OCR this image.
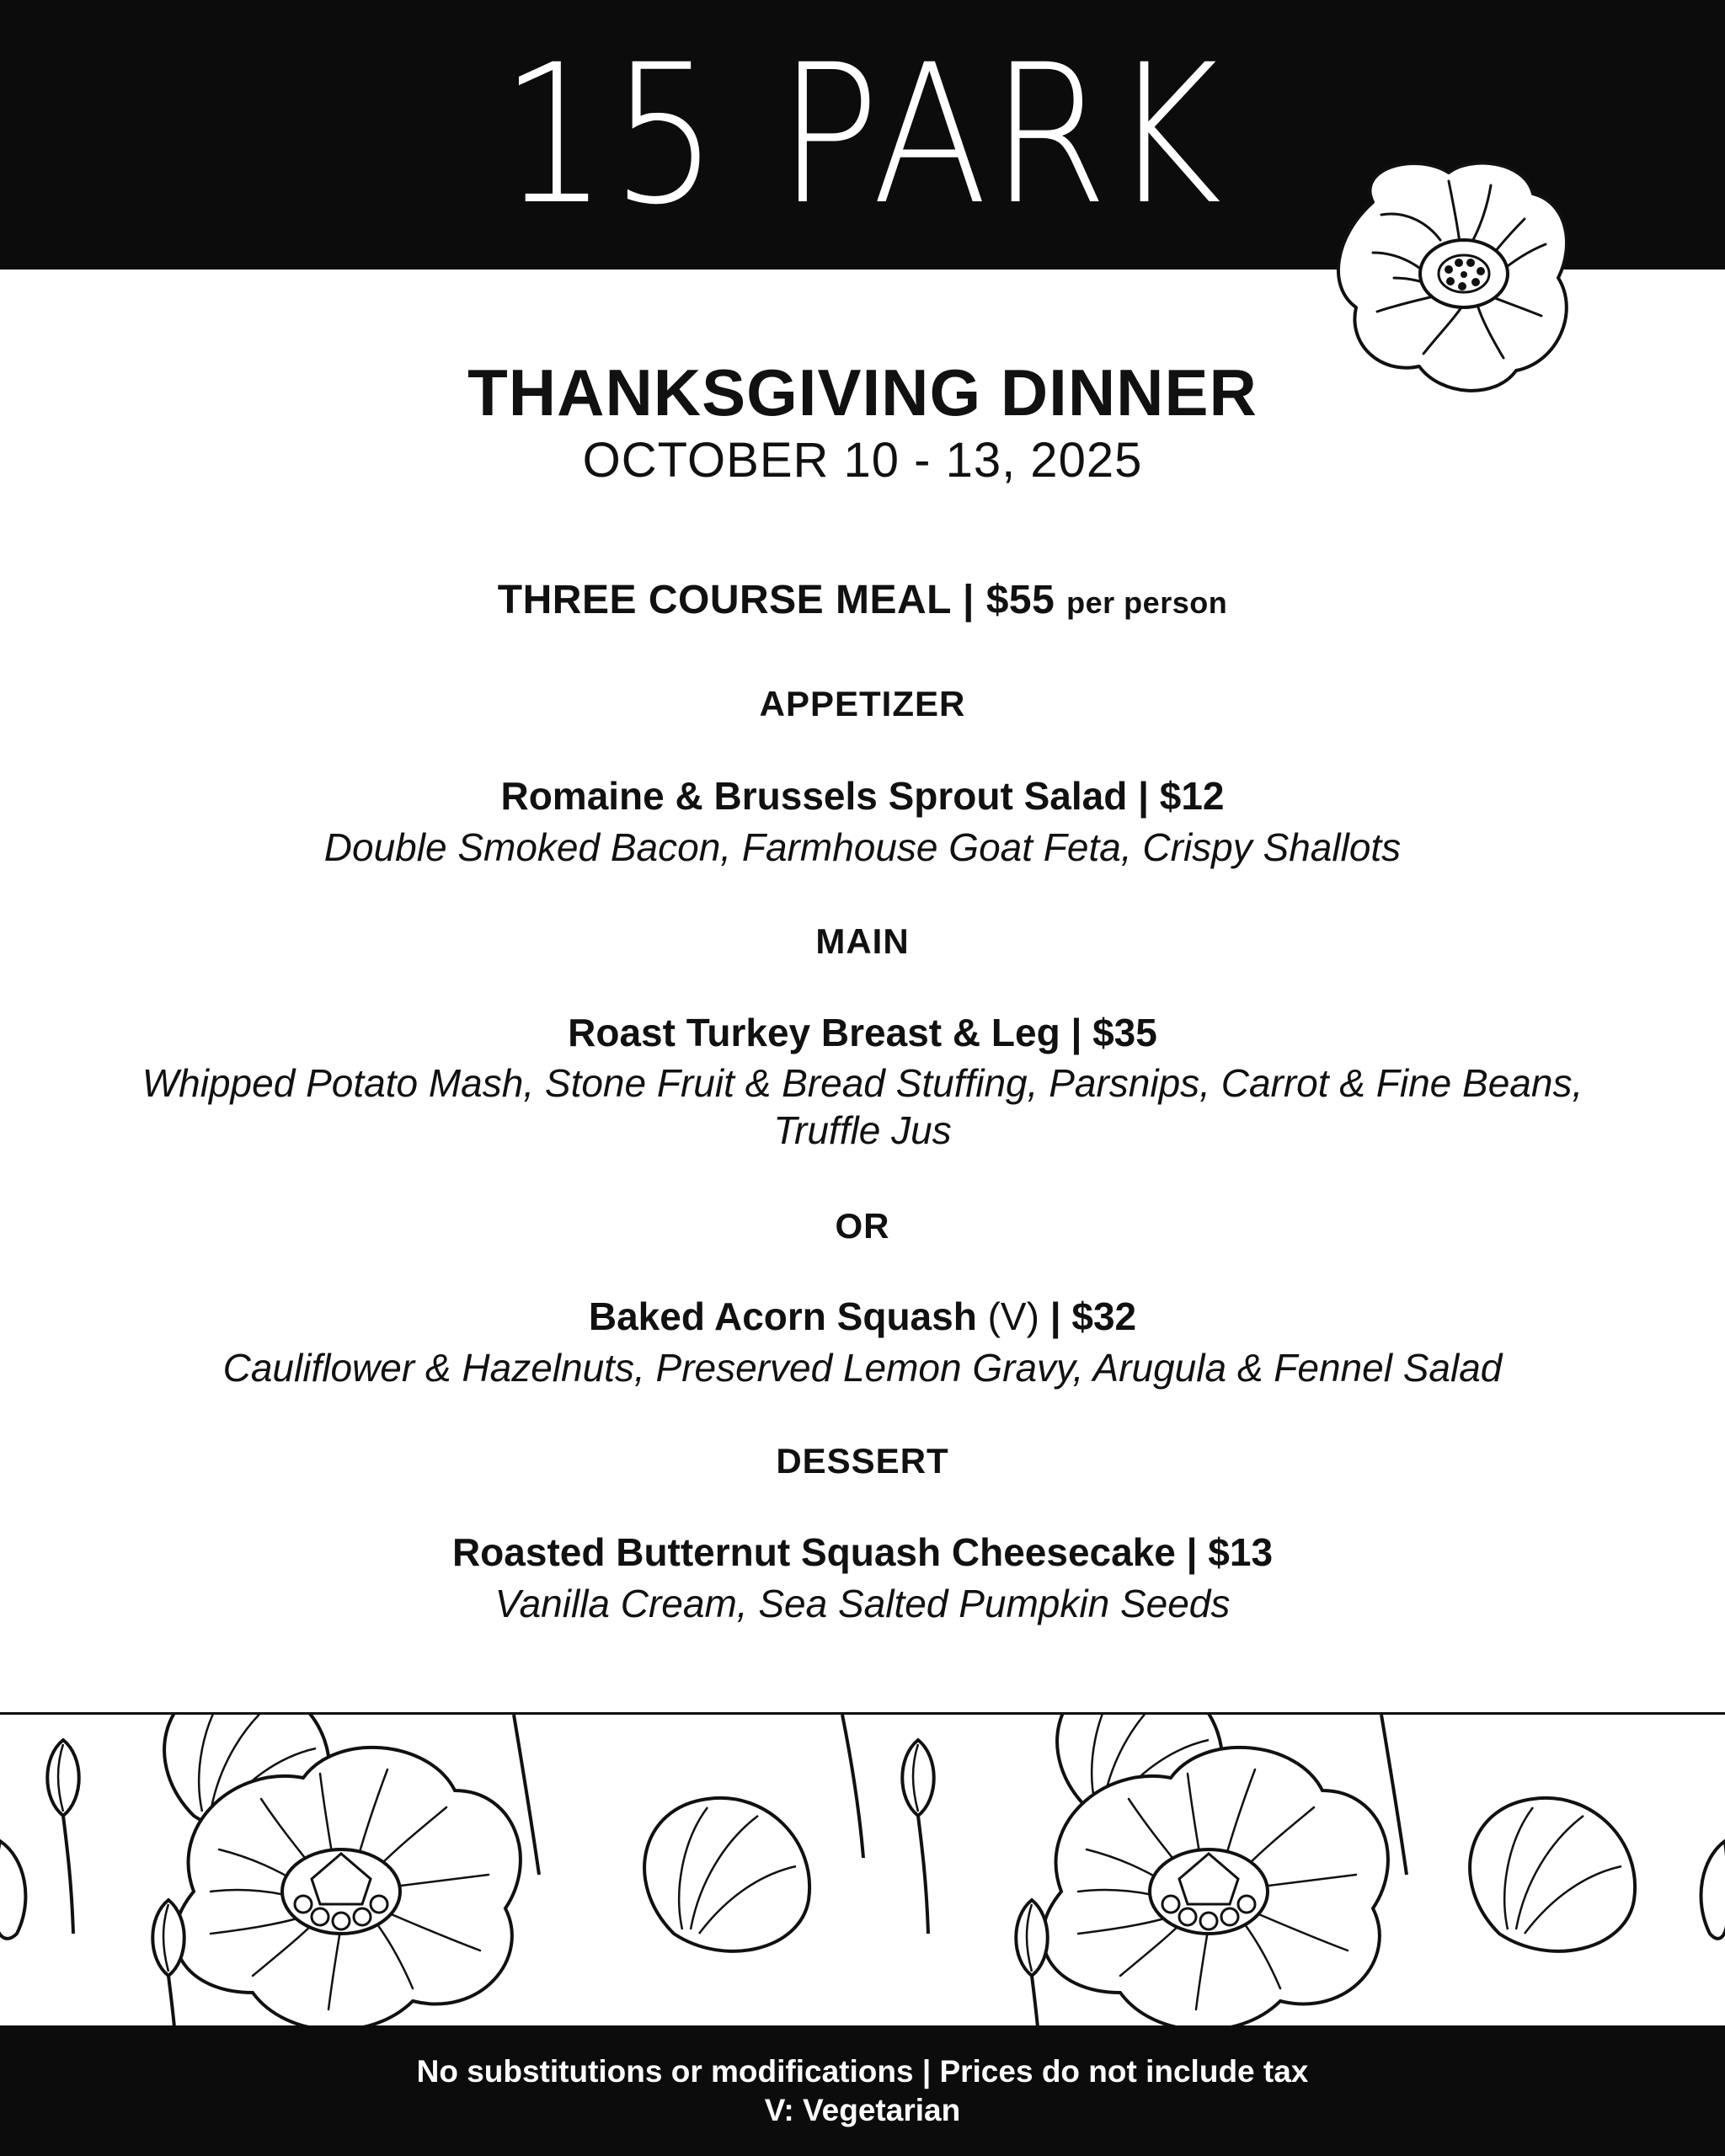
15 PARK
THANKSGIVING DINNER
OCTOBER 10 - 13, 2025
THREE COURSE MEAL | $55 per person
APPETIZER
Romaine & Brussels Sprout Salad | $12
Double Smoked Bacon, Farmhouse Goat Feta, Crispy Shallots
MAIN
Roast Turkey Breast & Leg | $35
Whipped Potato Mash, Stone Fruit & Bread Stuffing, Parsnips, Carrot & Fine Beans,
Truffle Jus
OR
Baked Acorn Squash (V) | $32
Cauliflower & Hazelnuts, Preserved Lemon Gravy, Arugula & Fennel Salad
DESSERT
Roasted Butternut Squash Cheesecake | $13
Vanilla Cream, Sea Salted Pumpkin Seeds
No substitutions or modifications | Prices do not include tax
V: Vegetarian
